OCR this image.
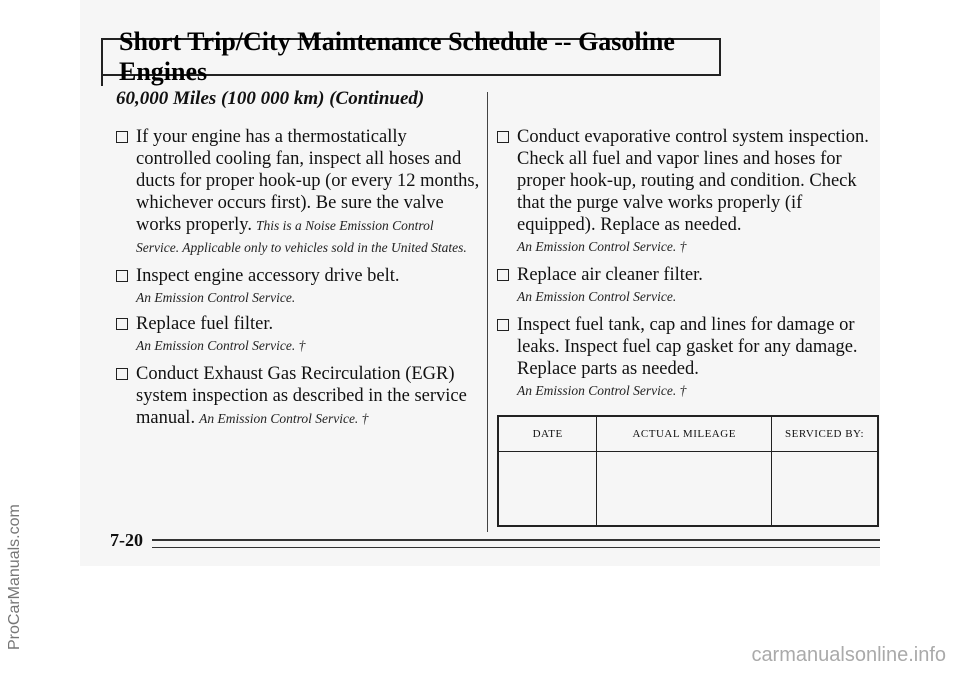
Short Trip/City Maintenance Schedule -- Gasoline Engines
60,000 Miles (100 000 km) (Continued)
If your engine has a thermostatically controlled cooling fan, inspect all hoses and ducts for proper hook-up (or every 12 months, whichever occurs first). Be sure the valve works properly. This is a Noise Emission Control Service. Applicable only to vehicles sold in the United States.
Inspect engine accessory drive belt.
An Emission Control Service.
Replace fuel filter.
An Emission Control Service. †
Conduct Exhaust Gas Recirculation (EGR) system inspection as described in the service manual. An Emission Control Service. †
Conduct evaporative control system inspection. Check all fuel and vapor lines and hoses for proper hook-up, routing and condition. Check that the purge valve works properly (if equipped). Replace as needed.
An Emission Control Service. †
Replace air cleaner filter.
An Emission Control Service.
Inspect fuel tank, cap and lines for damage or leaks. Inspect fuel cap gasket for any damage. Replace parts as needed.
An Emission Control Service. †
DATE	ACTUAL MILEAGE	SERVICED BY:

7-20
ProCarManuals.com
carmanualsonline.info
